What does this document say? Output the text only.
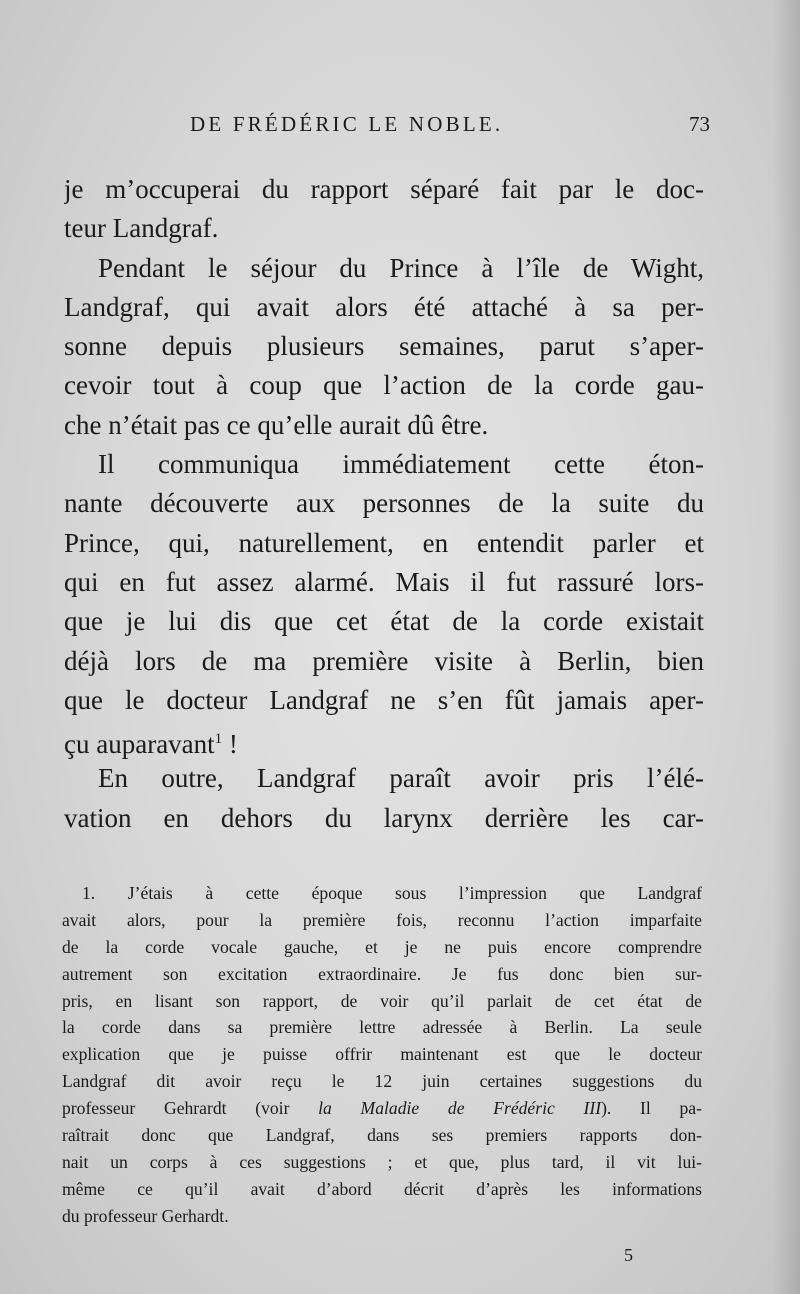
DE FRÉDÉRIC LE NOBLE.	73
je m’occuperai du rapport séparé fait par le doc-
teur Landgraf.
Pendant le séjour du Prince à l’île de Wight,
Landgraf, qui avait alors été attaché à sa per-
sonne depuis plusieurs semaines, parut s’aper-
cevoir tout à coup que l’action de la corde gau-
che n’était pas ce qu’elle aurait dû être.
Il communiqua immédiatement cette éton-
nante découverte aux personnes de la suite du
Prince, qui, naturellement, en entendit parler et
qui en fut assez alarmé. Mais il fut rassuré lors-
que je lui dis que cet état de la corde existait
déjà lors de ma première visite à Berlin, bien
que le docteur Landgraf ne s’en fût jamais aper-
çu auparavant$^1$ !
En outre, Landgraf paraît avoir pris l’élé-
vation en dehors du larynx derrière les car-
1. J’étais à cette époque sous l’impression que Landgraf
avait alors, pour la première fois, reconnu l’action imparfaite
de la corde vocale gauche, et je ne puis encore comprendre
autrement son excitation extraordinaire. Je fus donc bien sur-
pris, en lisant son rapport, de voir qu’il parlait de cet état de
la corde dans sa première lettre adressée à Berlin. La seule
explication que je puisse offrir maintenant est que le docteur
Landgraf dit avoir reçu le 12 juin certaines suggestions du
professeur Gehrardt (voir la Maladie de Frédéric III). Il pa-
raîtrait donc que Landgraf, dans ses premiers rapports don-
nait un corps à ces suggestions ; et que, plus tard, il vit lui-
même ce qu’il avait d’abord décrit d’après les informations
du professeur Gerhardt.
5
